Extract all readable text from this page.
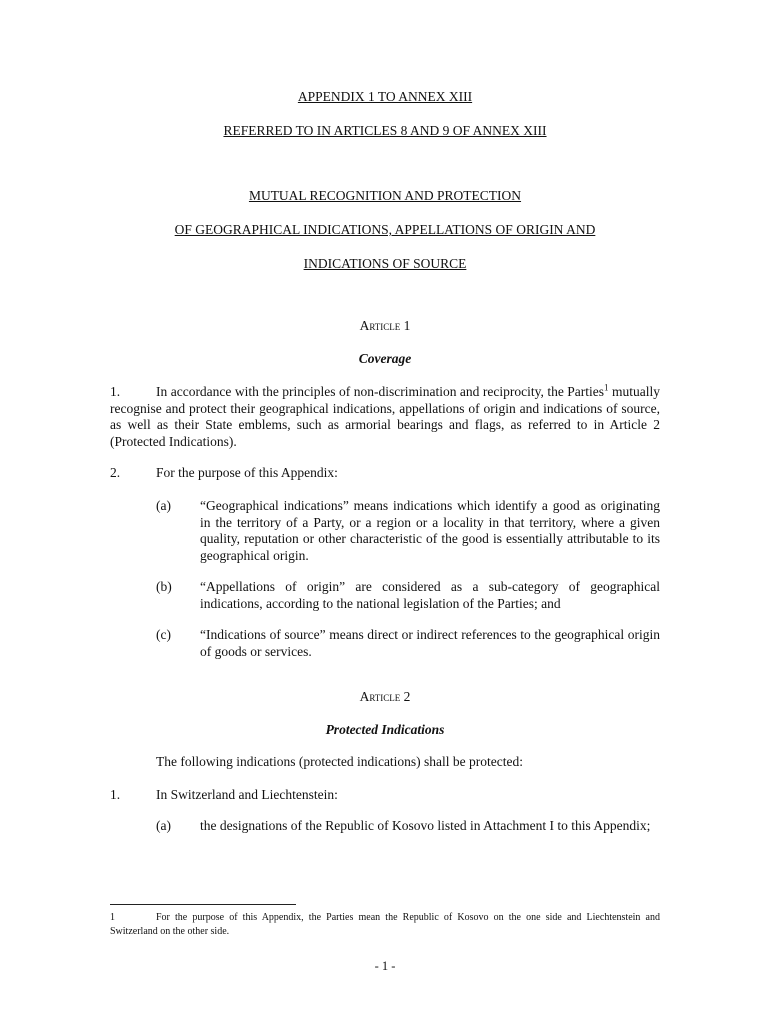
APPENDIX 1 TO ANNEX XIII
REFERRED TO IN ARTICLES 8 AND 9 OF ANNEX XIII
MUTUAL RECOGNITION AND PROTECTION
OF GEOGRAPHICAL INDICATIONS, APPELLATIONS OF ORIGIN AND
INDICATIONS OF SOURCE
Article 1
Coverage
1.	In accordance with the principles of non-discrimination and reciprocity, the Parties$^1$ mutually recognise and protect their geographical indications, appellations of origin and indications of source, as well as their State emblems, such as armorial bearings and flags, as referred to in Article 2 (Protected Indications).
2.	For the purpose of this Appendix:
(a) “Geographical indications” means indications which identify a good as originating in the territory of a Party, or a region or a locality in that territory, where a given quality, reputation or other characteristic of the good is essentially attributable to its geographical origin.
(b) “Appellations of origin” are considered as a sub-category of geographical indications, according to the national legislation of the Parties; and
(c) “Indications of source” means direct or indirect references to the geographical origin of goods or services.
Article 2
Protected Indications
The following indications (protected indications) shall be protected:
1.	In Switzerland and Liechtenstein:
(a) the designations of the Republic of Kosovo listed in Attachment I to this Appendix;
1	For the purpose of this Appendix, the Parties mean the Republic of Kosovo on the one side and Liechtenstein and Switzerland on the other side.
- 1 -
